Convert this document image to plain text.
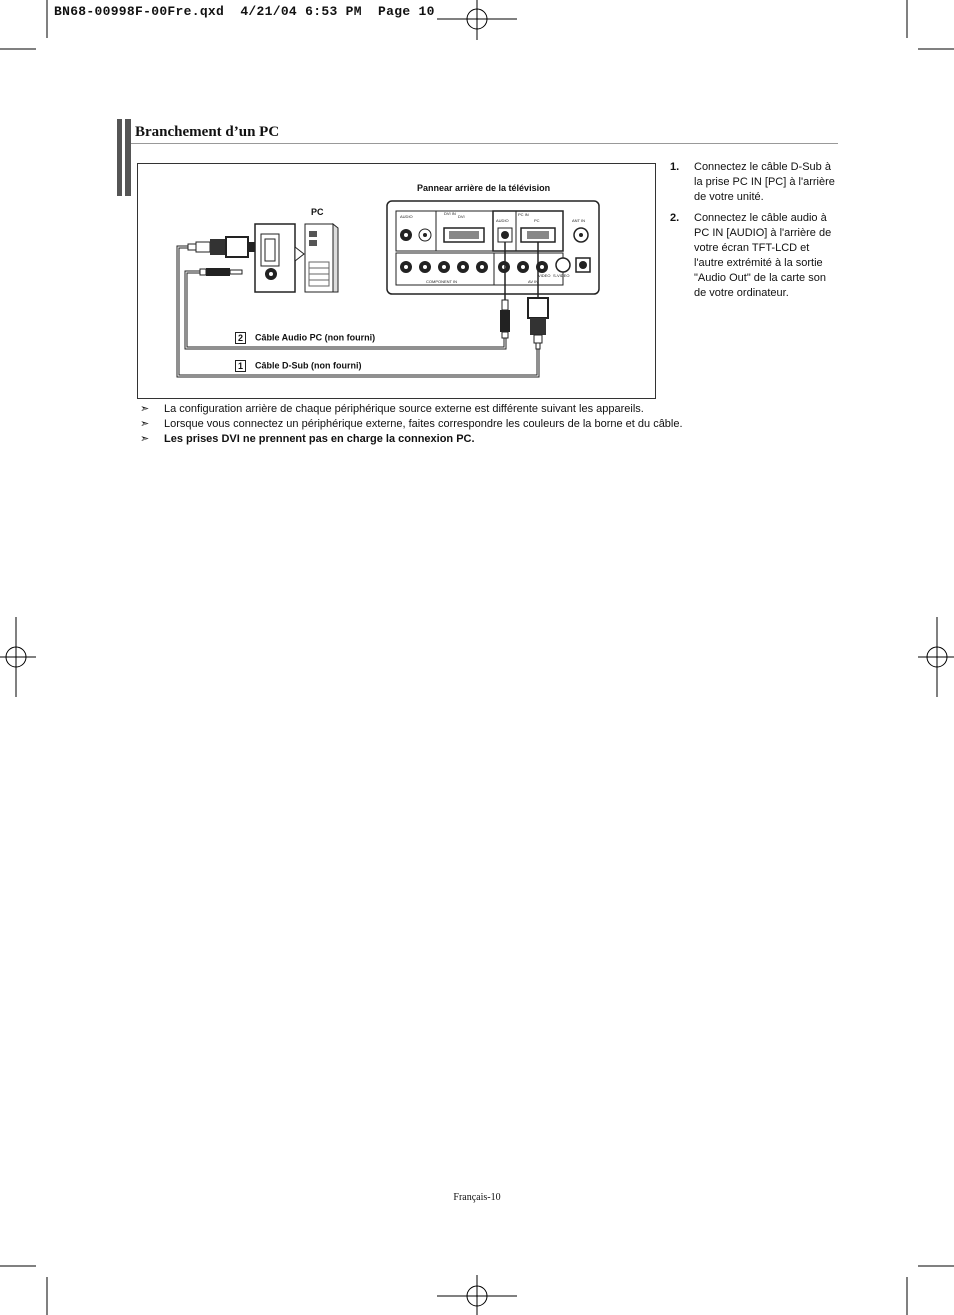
BN68-00998F-00Fre.qxd  4/21/04 6:53 PM  Page 10
Branchement d’un PC
Pannear arrière de la télévision
PC	AUDIO	DVI
DVI IN	PC IN
AUDIO	PC	ANT IN
COMPONENT IN	AV IN
VIDEO S-VIDEO
2 Câble Audio PC (non fourni)
1 Câble D-Sub (non fourni)
1. Connectez le câble D-Sub à la prise PC IN [PC] à l'arrière de votre unité.
2. Connectez le câble audio à PC IN [AUDIO] à l'arrière de votre écran TFT-LCD et l'autre extrémité à la sortie "Audio Out" de la carte son de votre ordinateur.
➣ La configuration arrière de chaque périphérique source externe est différente suivant les appareils.
➣ Lorsque vous connectez un périphérique externe, faites correspondre les couleurs de la borne et du câble.
➣ Les prises DVI ne prennent pas en charge la connexion PC.
Français-10
